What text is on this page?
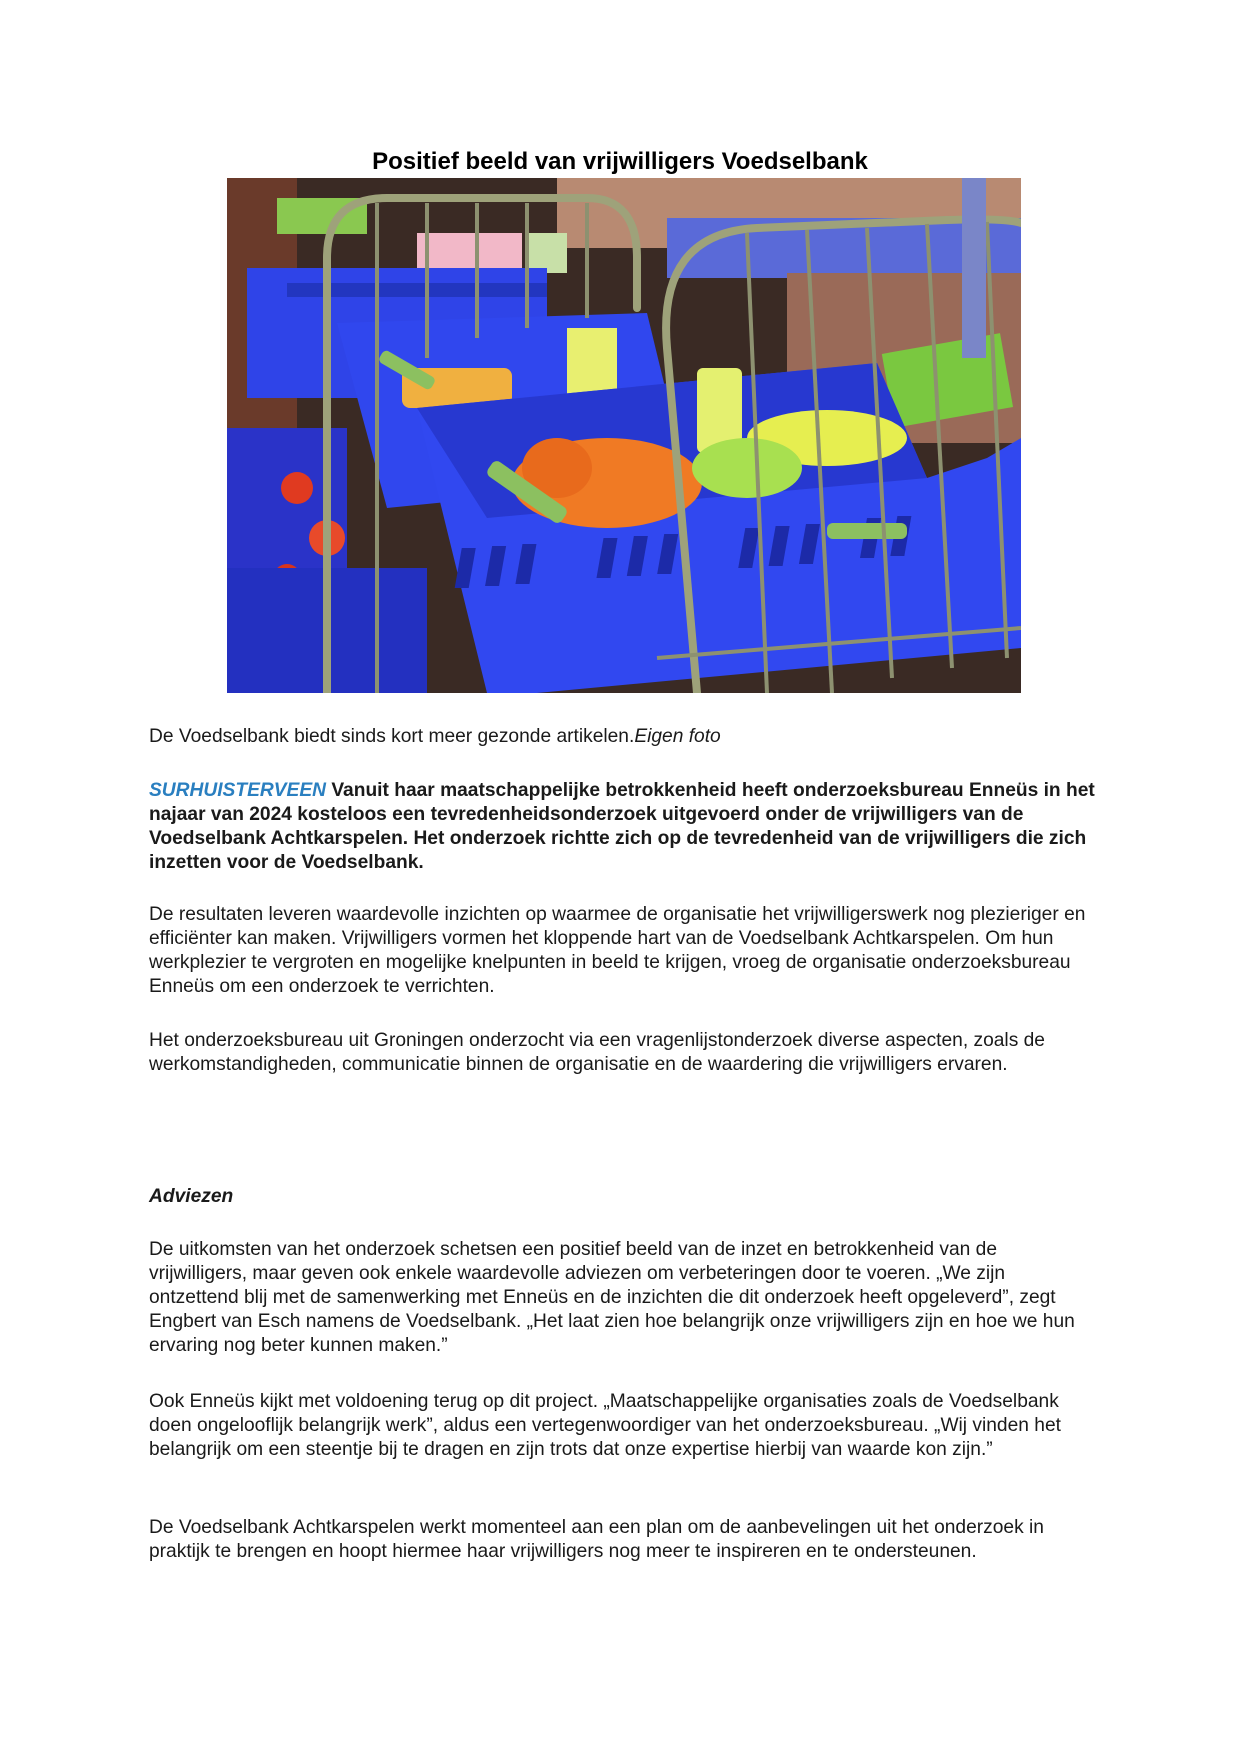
Positief beeld van vrijwilligers Voedselbank

De Voedselbank biedt sinds kort meer gezonde artikelen.Eigen foto

SURHUISTERVEEN Vanuit haar maatschappelijke betrokkenheid heeft onderzoeksbureau Enneüs in het najaar van 2024 kosteloos een tevredenheidsonderzoek uitgevoerd onder de vrijwilligers van de Voedselbank Achtkarspelen. Het onderzoek richtte zich op de tevredenheid van de vrijwilligers die zich inzetten voor de Voedselbank.

De resultaten leveren waardevolle inzichten op waarmee de organisatie het vrijwilligerswerk nog plezieriger en efficiënter kan maken. Vrijwilligers vormen het kloppende hart van de Voedselbank Achtkarspelen. Om hun werkplezier te vergroten en mogelijke knelpunten in beeld te krijgen, vroeg de organisatie onderzoeksbureau Enneüs om een onderzoek te verrichten.

Het onderzoeksbureau uit Groningen onderzocht via een vragenlijstonderzoek diverse aspecten, zoals de werkomstandigheden, communicatie binnen de organisatie en de waardering die vrijwilligers ervaren.

Adviezen

De uitkomsten van het onderzoek schetsen een positief beeld van de inzet en betrokkenheid van de vrijwilligers, maar geven ook enkele waardevolle adviezen om verbeteringen door te voeren. „We zijn ontzettend blij met de samenwerking met Enneüs en de inzichten die dit onderzoek heeft opgeleverd”, zegt Engbert van Esch namens de Voedselbank. „Het laat zien hoe belangrijk onze vrijwilligers zijn en hoe we hun ervaring nog beter kunnen maken.”

Ook Enneüs kijkt met voldoening terug op dit project. „Maatschappelijke organisaties zoals de Voedselbank doen ongelooflijk belangrijk werk”, aldus een vertegenwoordiger van het onderzoeksbureau. „Wij vinden het belangrijk om een steentje bij te dragen en zijn trots dat onze expertise hierbij van waarde kon zijn.”

De Voedselbank Achtkarspelen werkt momenteel aan een plan om de aanbevelingen uit het onderzoek in praktijk te brengen en hoopt hiermee haar vrijwilligers nog meer te inspireren en te ondersteunen.
